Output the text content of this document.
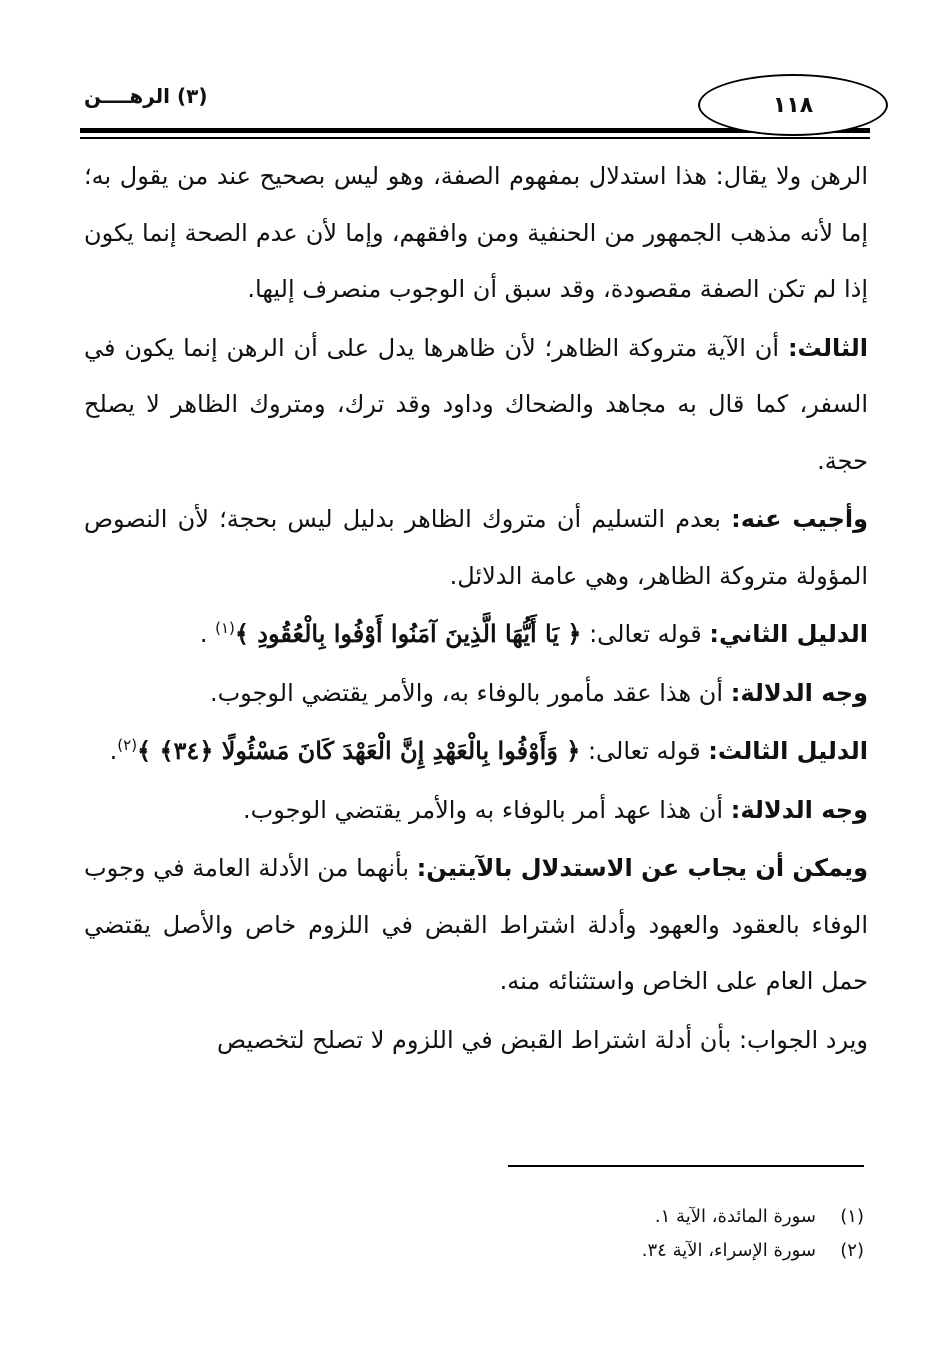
١١٨
(٣) الرهــــن

الرهن ولا يقال: هذا استدلال بمفهوم الصفة، وهو ليس بصحيح عند من يقول به؛ إما لأنه مذهب الجمهور من الحنفية ومن وافقهم، وإما لأن عدم الصحة إنما يكون إذا لم تكن الصفة مقصودة، وقد سبق أن الوجوب منصرف إليها.

الثالث: أن الآية متروكة الظاهر؛ لأن ظاهرها يدل على أن الرهن إنما يكون في السفر، كما قال به مجاهد والضحاك وداود وقد ترك، ومتروك الظاهر لا يصلح حجة.

وأجيب عنه: بعدم التسليم أن متروك الظاهر بدليل ليس بحجة؛ لأن النصوص المؤولة متروكة الظاهر، وهي عامة الدلائل.

الدليل الثاني: قوله تعالى: ﴿ يَا أَيُّهَا الَّذِينَ آمَنُوا أَوْفُوا بِالْعُقُودِ ﴾$^{(١)}$ .

وجه الدلالة: أن هذا عقد مأمور بالوفاء به، والأمر يقتضي الوجوب.

الدليل الثالث: قوله تعالى: ﴿ وَأَوْفُوا بِالْعَهْدِ إِنَّ الْعَهْدَ كَانَ مَسْئُولًا ﴿٣٤﴾ ﴾$^{(٢)}$.

وجه الدلالة: أن هذا عهد أمر بالوفاء به والأمر يقتضي الوجوب.

ويمكن أن يجاب عن الاستدلال بالآيتين: بأنهما من الأدلة العامة في وجوب الوفاء بالعقود والعهود وأدلة اشتراط القبض في اللزوم خاص والأصل يقتضي حمل العام على الخاص واستثنائه منه.

ويرد الجواب: بأن أدلة اشتراط القبض في اللزوم لا تصلح لتخصيص

(١)
سورة المائدة، الآية ١.
(٢)
سورة الإسراء، الآية ٣٤.
